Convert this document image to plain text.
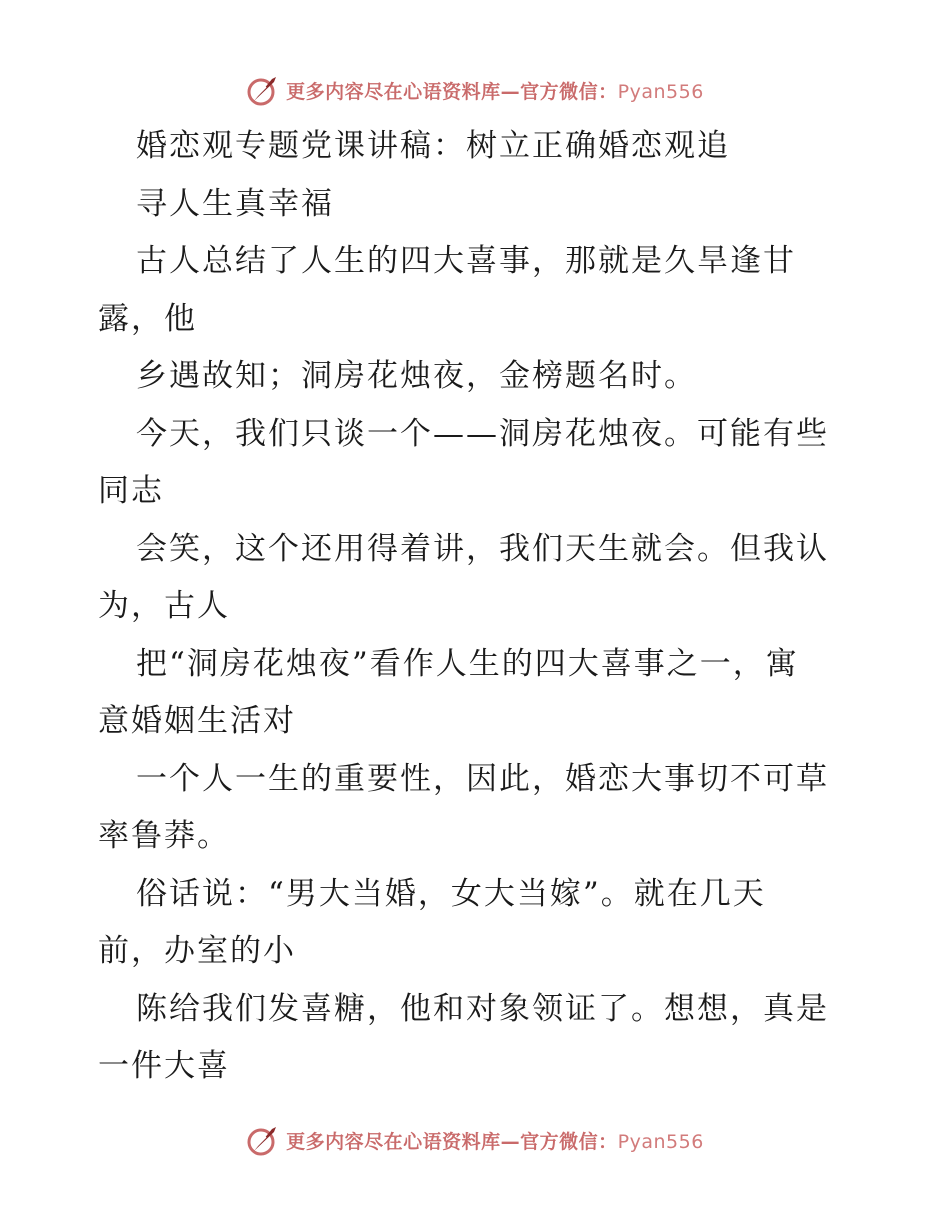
更多内容尽在心语资料库—官方微信：Pyan556
婚恋观专题党课讲稿：树立正确婚恋观追
寻人生真幸福
古人总结了人生的四大喜事，那就是久旱逢甘
露，他
乡遇故知；洞房花烛夜，金榜题名时。
今天，我们只谈一个——洞房花烛夜。可能有些
同志
会笑，这个还用得着讲，我们天生就会。但我认
为，古人
把“洞房花烛夜”看作人生的四大喜事之一，寓
意婚姻生活对
一个人一生的重要性，因此，婚恋大事切不可草
率鲁莽。
俗话说：“男大当婚，女大当嫁”。就在几天
前，办室的小
陈给我们发喜糖，他和对象领证了。想想，真是
一件大喜
更多内容尽在心语资料库—官方微信：Pyan556
